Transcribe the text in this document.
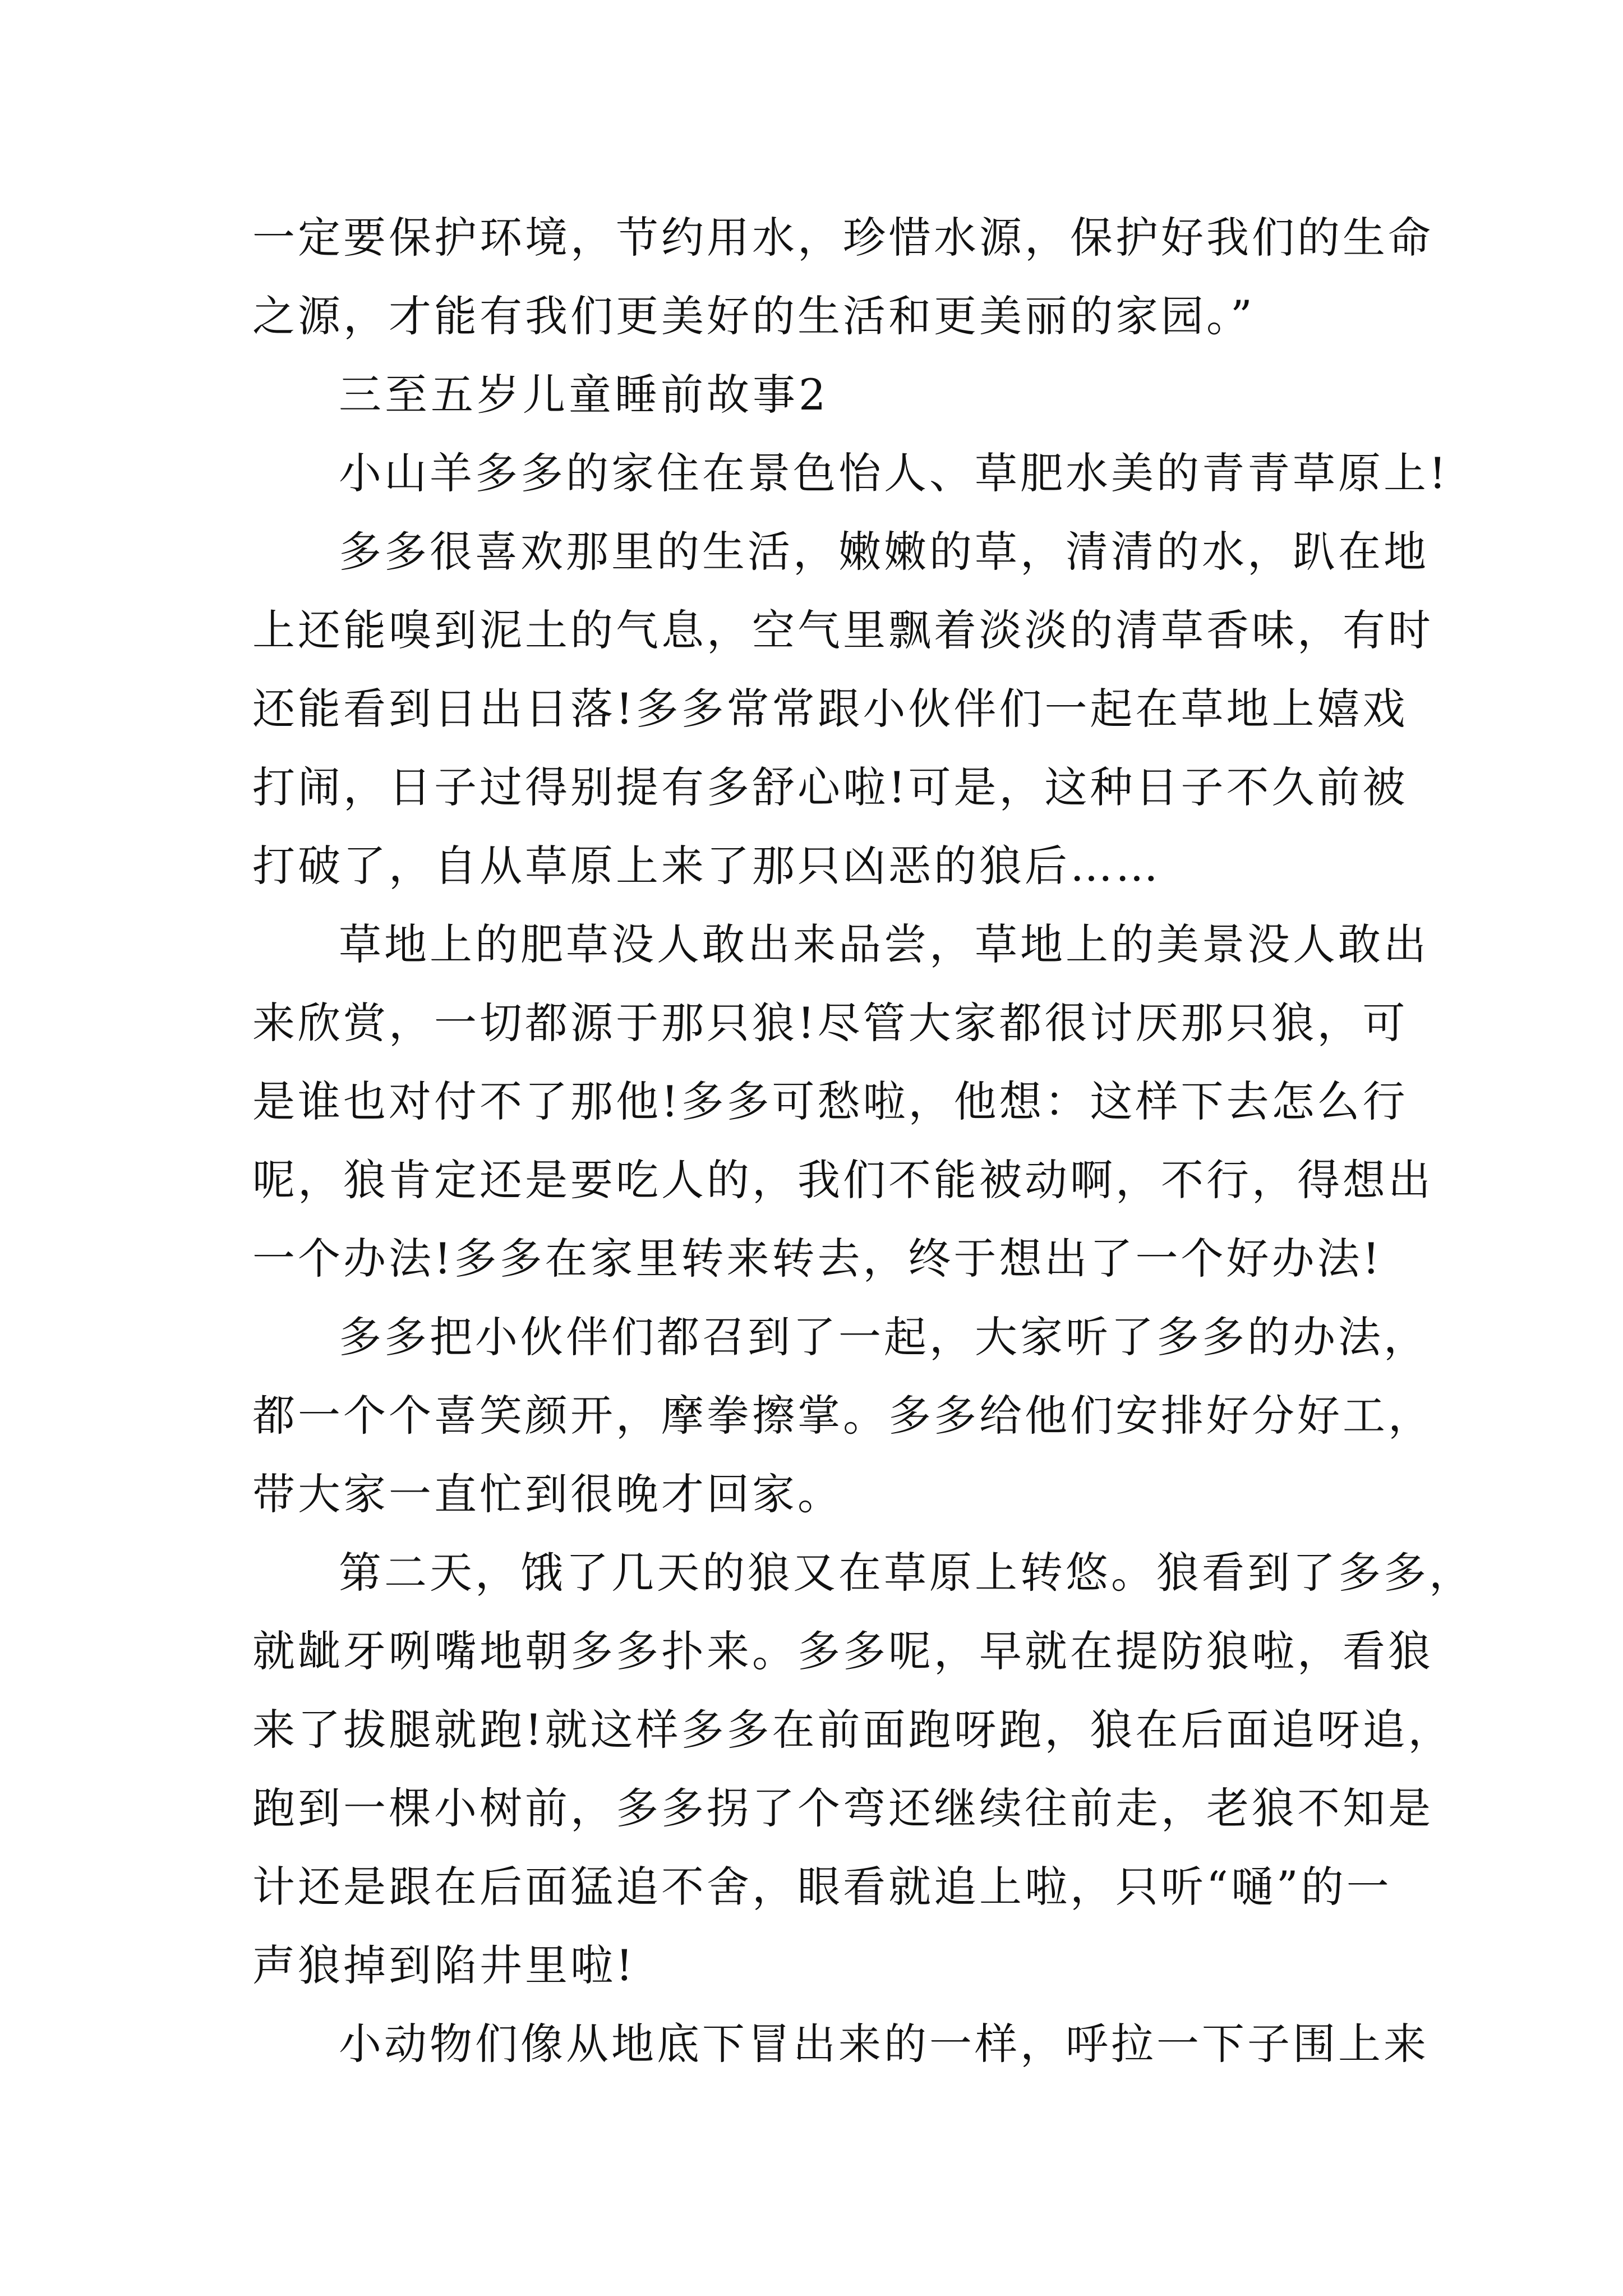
一定要保护环境，节约用水，珍惜水源，保护好我们的生命
之源，才能有我们更美好的生活和更美丽的家园。”
三至五岁儿童睡前故事2
小山羊多多的家住在景色怡人、草肥水美的青青草原上!
多多很喜欢那里的生活，嫩嫩的草，清清的水，趴在地
上还能嗅到泥土的气息，空气里飘着淡淡的清草香味，有时
还能看到日出日落!多多常常跟小伙伴们一起在草地上嬉戏
打闹，日子过得别提有多舒心啦!可是，这种日子不久前被
打破了，自从草原上来了那只凶恶的狼后……
草地上的肥草没人敢出来品尝，草地上的美景没人敢出
来欣赏，一切都源于那只狼!尽管大家都很讨厌那只狼，可
是谁也对付不了那他!多多可愁啦，他想：这样下去怎么行
呢，狼肯定还是要吃人的，我们不能被动啊，不行，得想出
一个办法!多多在家里转来转去，终于想出了一个好办法!
多多把小伙伴们都召到了一起，大家听了多多的办法，
都一个个喜笑颜开，摩拳擦掌。多多给他们安排好分好工，
带大家一直忙到很晚才回家。
第二天，饿了几天的狼又在草原上转悠。狼看到了多多，
就龇牙咧嘴地朝多多扑来。多多呢，早就在提防狼啦，看狼
来了拔腿就跑!就这样多多在前面跑呀跑，狼在后面追呀追，
跑到一棵小树前，多多拐了个弯还继续往前走，老狼不知是
计还是跟在后面猛追不舍，眼看就追上啦，只听“嗵”的一
声狼掉到陷井里啦!
小动物们像从地底下冒出来的一样，呼拉一下子围上来
